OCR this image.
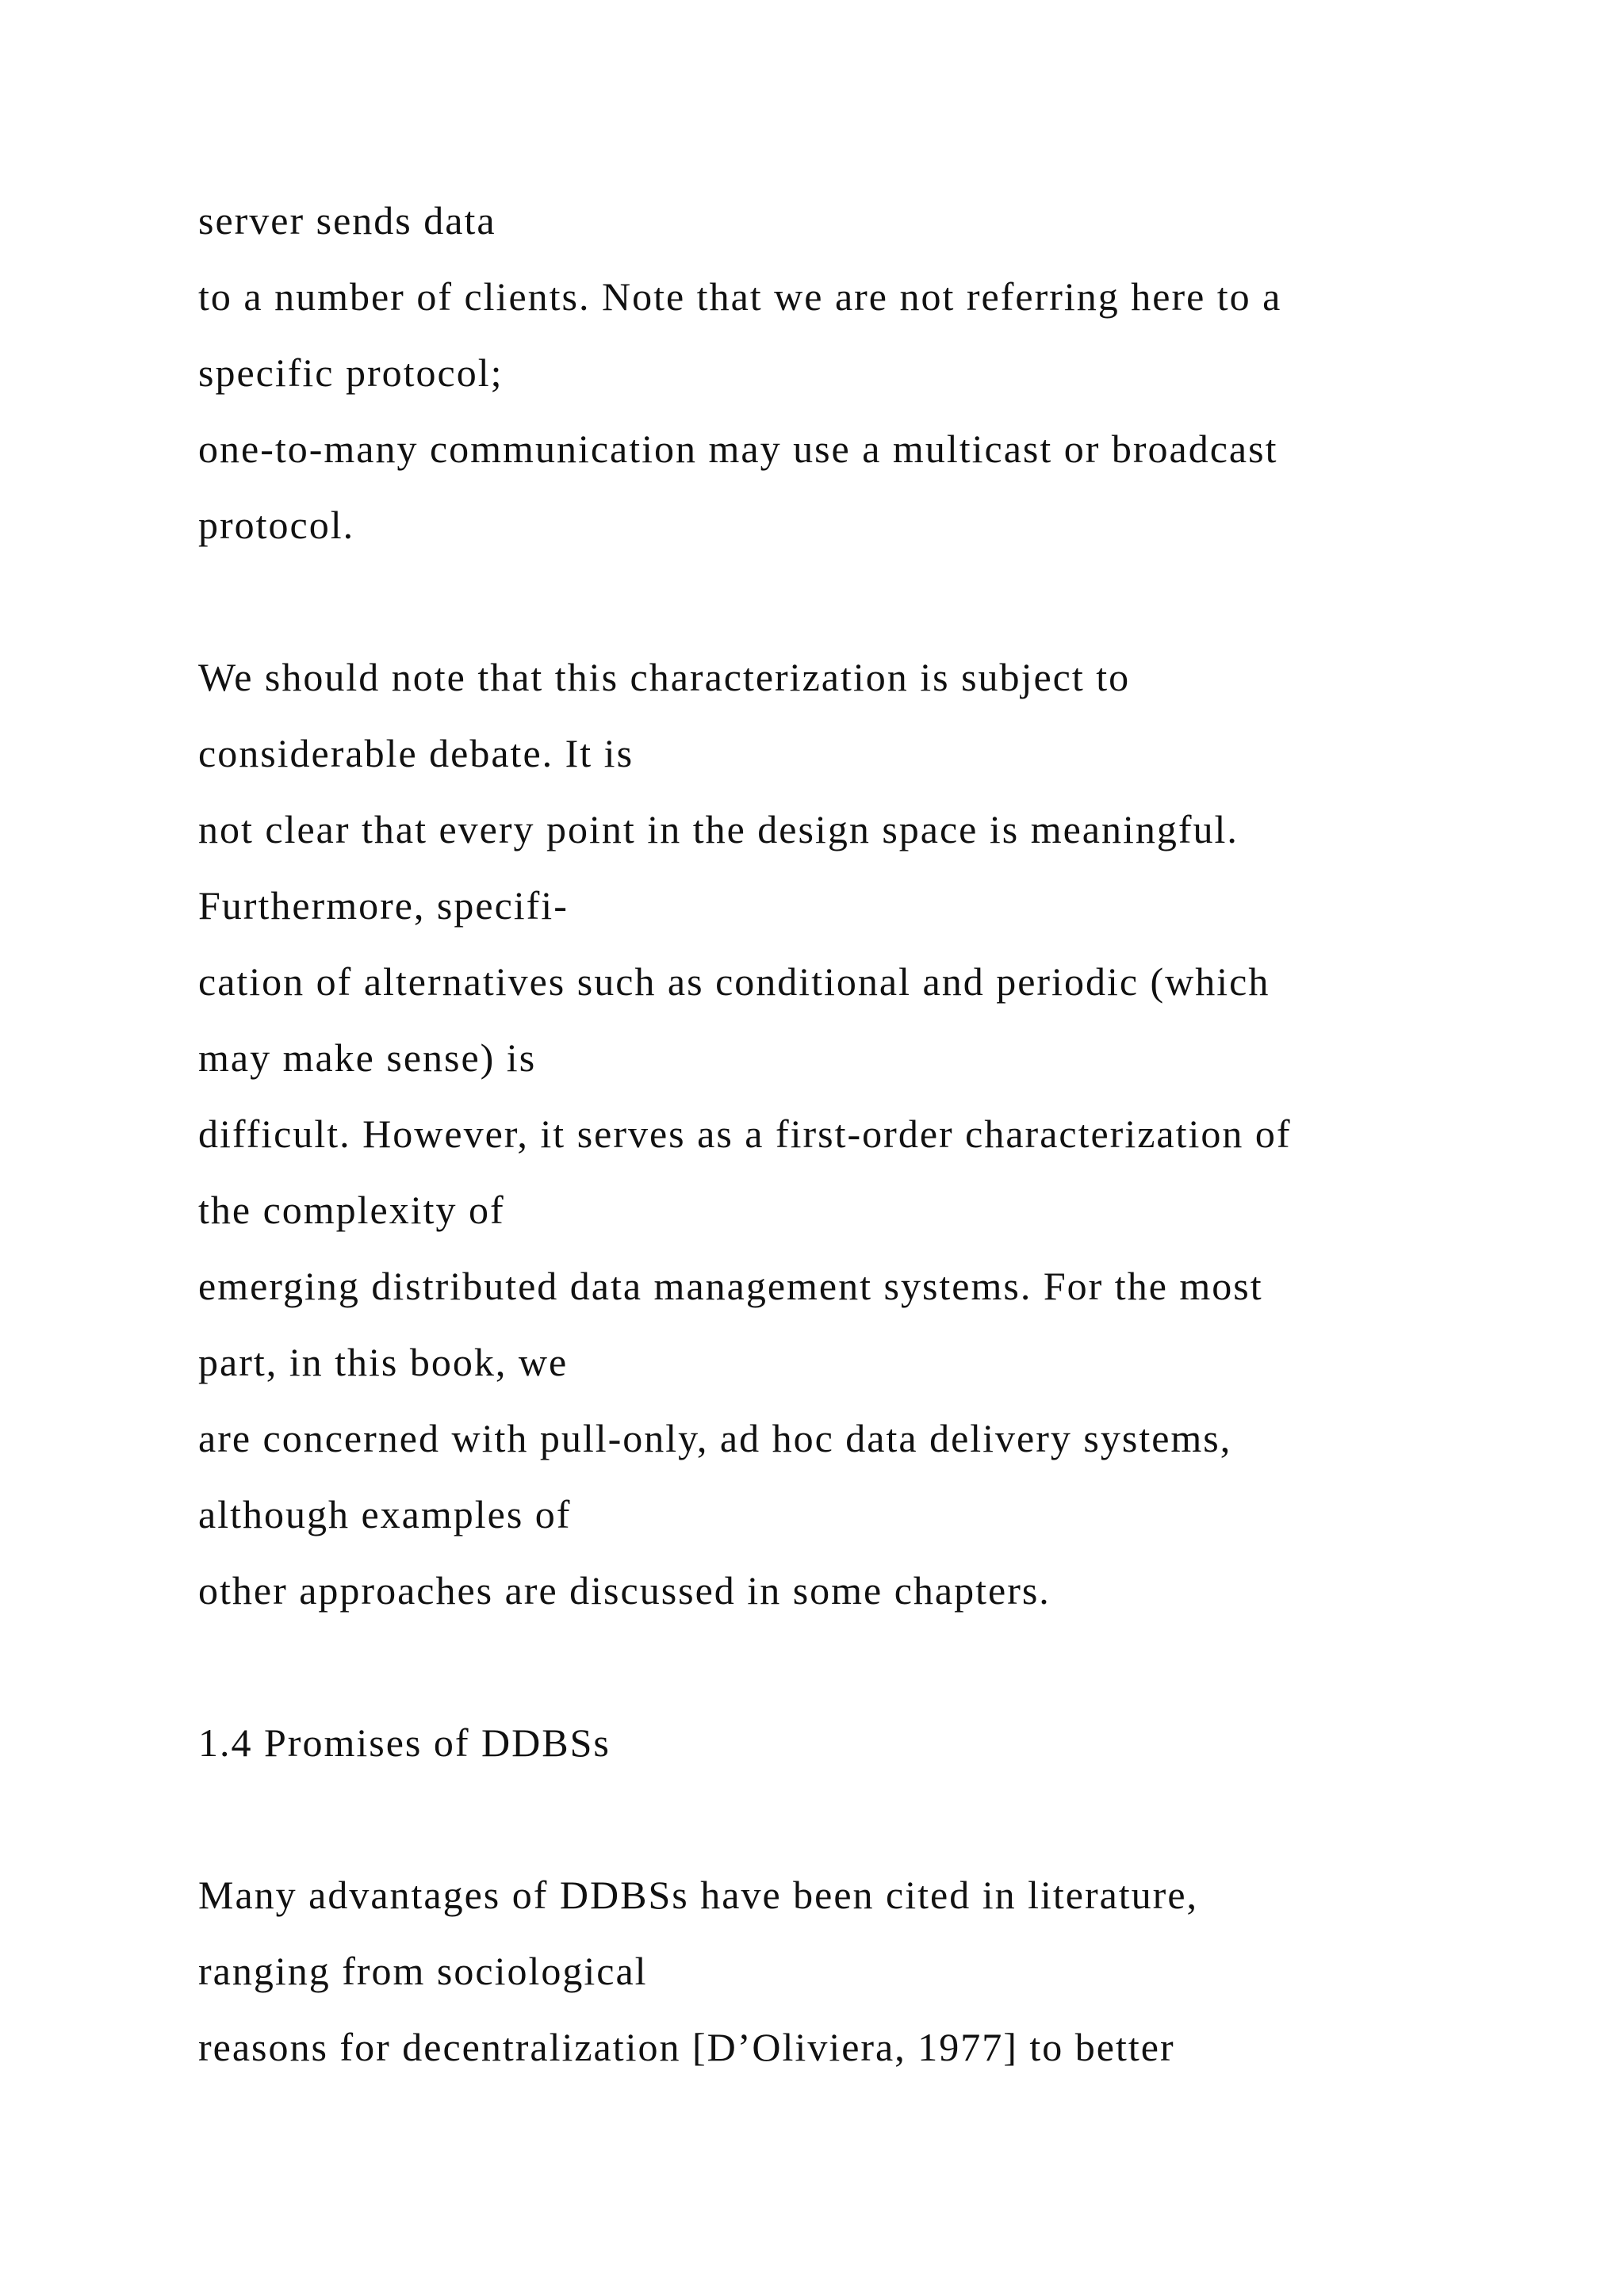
server sends data
to a number of clients. Note that we are not referring here to a
specific protocol;
one-to-many communication may use a multicast or broadcast
protocol.
We should note that this characterization is subject to
considerable debate. It is
not clear that every point in the design space is meaningful.
Furthermore, specifi-
cation of alternatives such as conditional and periodic (which
may make sense) is
difficult. However, it serves as a first-order characterization of
the complexity of
emerging distributed data management systems. For the most
part, in this book, we
are concerned with pull-only, ad hoc data delivery systems,
although examples of
other approaches are discussed in some chapters.
1.4 Promises of DDBSs
Many advantages of DDBSs have been cited in literature,
ranging from sociological
reasons for decentralization [D’Oliviera, 1977] to better
